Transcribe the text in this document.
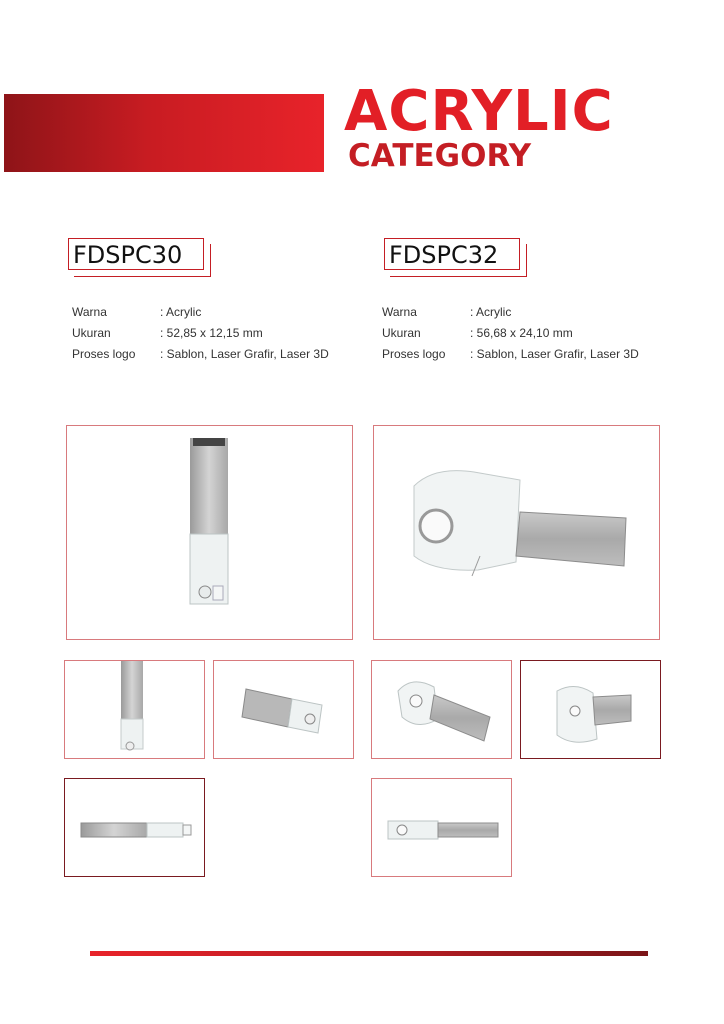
ACRYLIC
CATEGORY
FDSPC30
Warna	: Acrylic
Ukuran	: 52,85 x 12,15 mm
Proses logo	: Sablon, Laser Grafir, Laser 3D
FDSPC32
Warna	: Acrylic
Ukuran	: 56,68 x 24,10 mm
Proses logo	: Sablon, Laser Grafir, Laser 3D
